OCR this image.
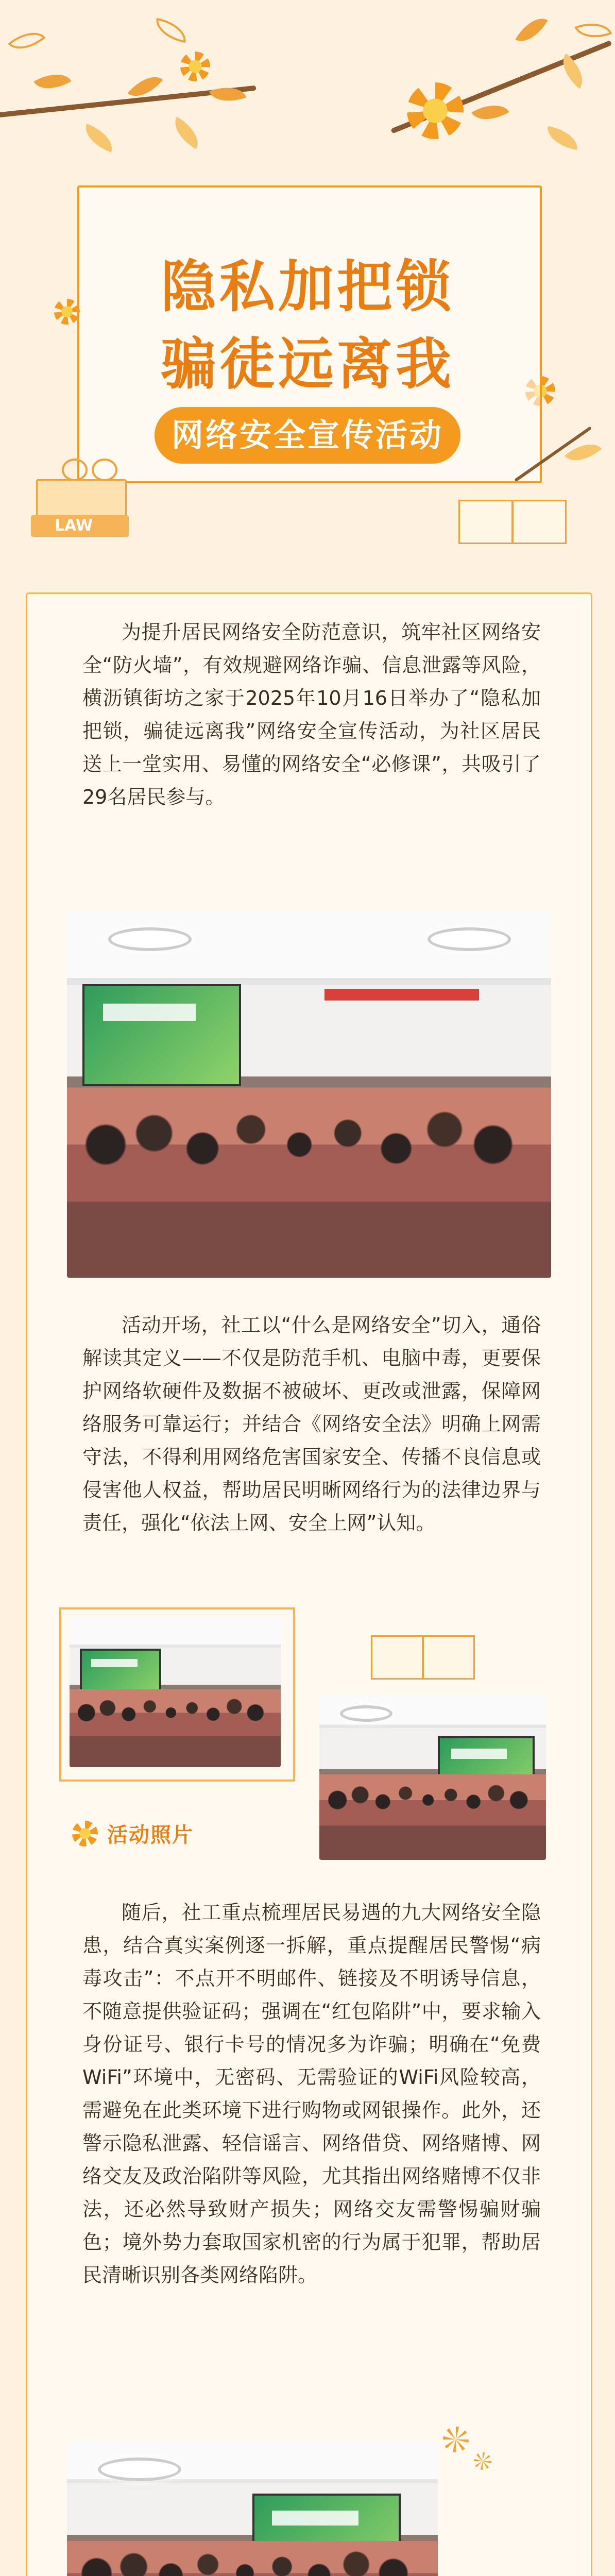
隐私加把锁
骗徒远离我
网络安全宣传活动
LAW

为提升居民网络安全防范意识，筑牢社区网络安全“防火墙”，有效规避网络诈骗、信息泄露等风险，横沥镇街坊之家于2025年10月16日举办了“隐私加把锁，骗徒远离我”网络安全宣传活动，为社区居民送上一堂实用、易懂的网络安全“必修课”，共吸引了29名居民参与。

活动开场，社工以“什么是网络安全”切入，通俗解读其定义——不仅是防范手机、电脑中毒，更要保护网络软硬件及数据不被破坏、更改或泄露，保障网络服务可靠运行；并结合《网络安全法》明确上网需守法，不得利用网络危害国家安全、传播不良信息或侵害他人权益，帮助居民明晰网络行为的法律边界与责任，强化“依法上网、安全上网”认知。

活动照片

随后，社工重点梳理居民易遇的九大网络安全隐患，结合真实案例逐一拆解，重点提醒居民警惕“病毒攻击”：不点开不明邮件、链接及不明诱导信息，不随意提供验证码；强调在“红包陷阱”中，要求输入身份证号、银行卡号的情况多为诈骗；明确在“免费WiFi”环境中，无密码、无需验证的WiFi风险较高，需避免在此类环境下进行购物或网银操作。此外，还警示隐私泄露、轻信谣言、网络借贷、网络赌博、网络交友及政治陷阱等风险，尤其指出网络赌博不仅非法，还必然导致财产损失；网络交友需警惕骗财骗色；境外势力套取国家机密的行为属于犯罪，帮助居民清晰识别各类网络陷阱。
